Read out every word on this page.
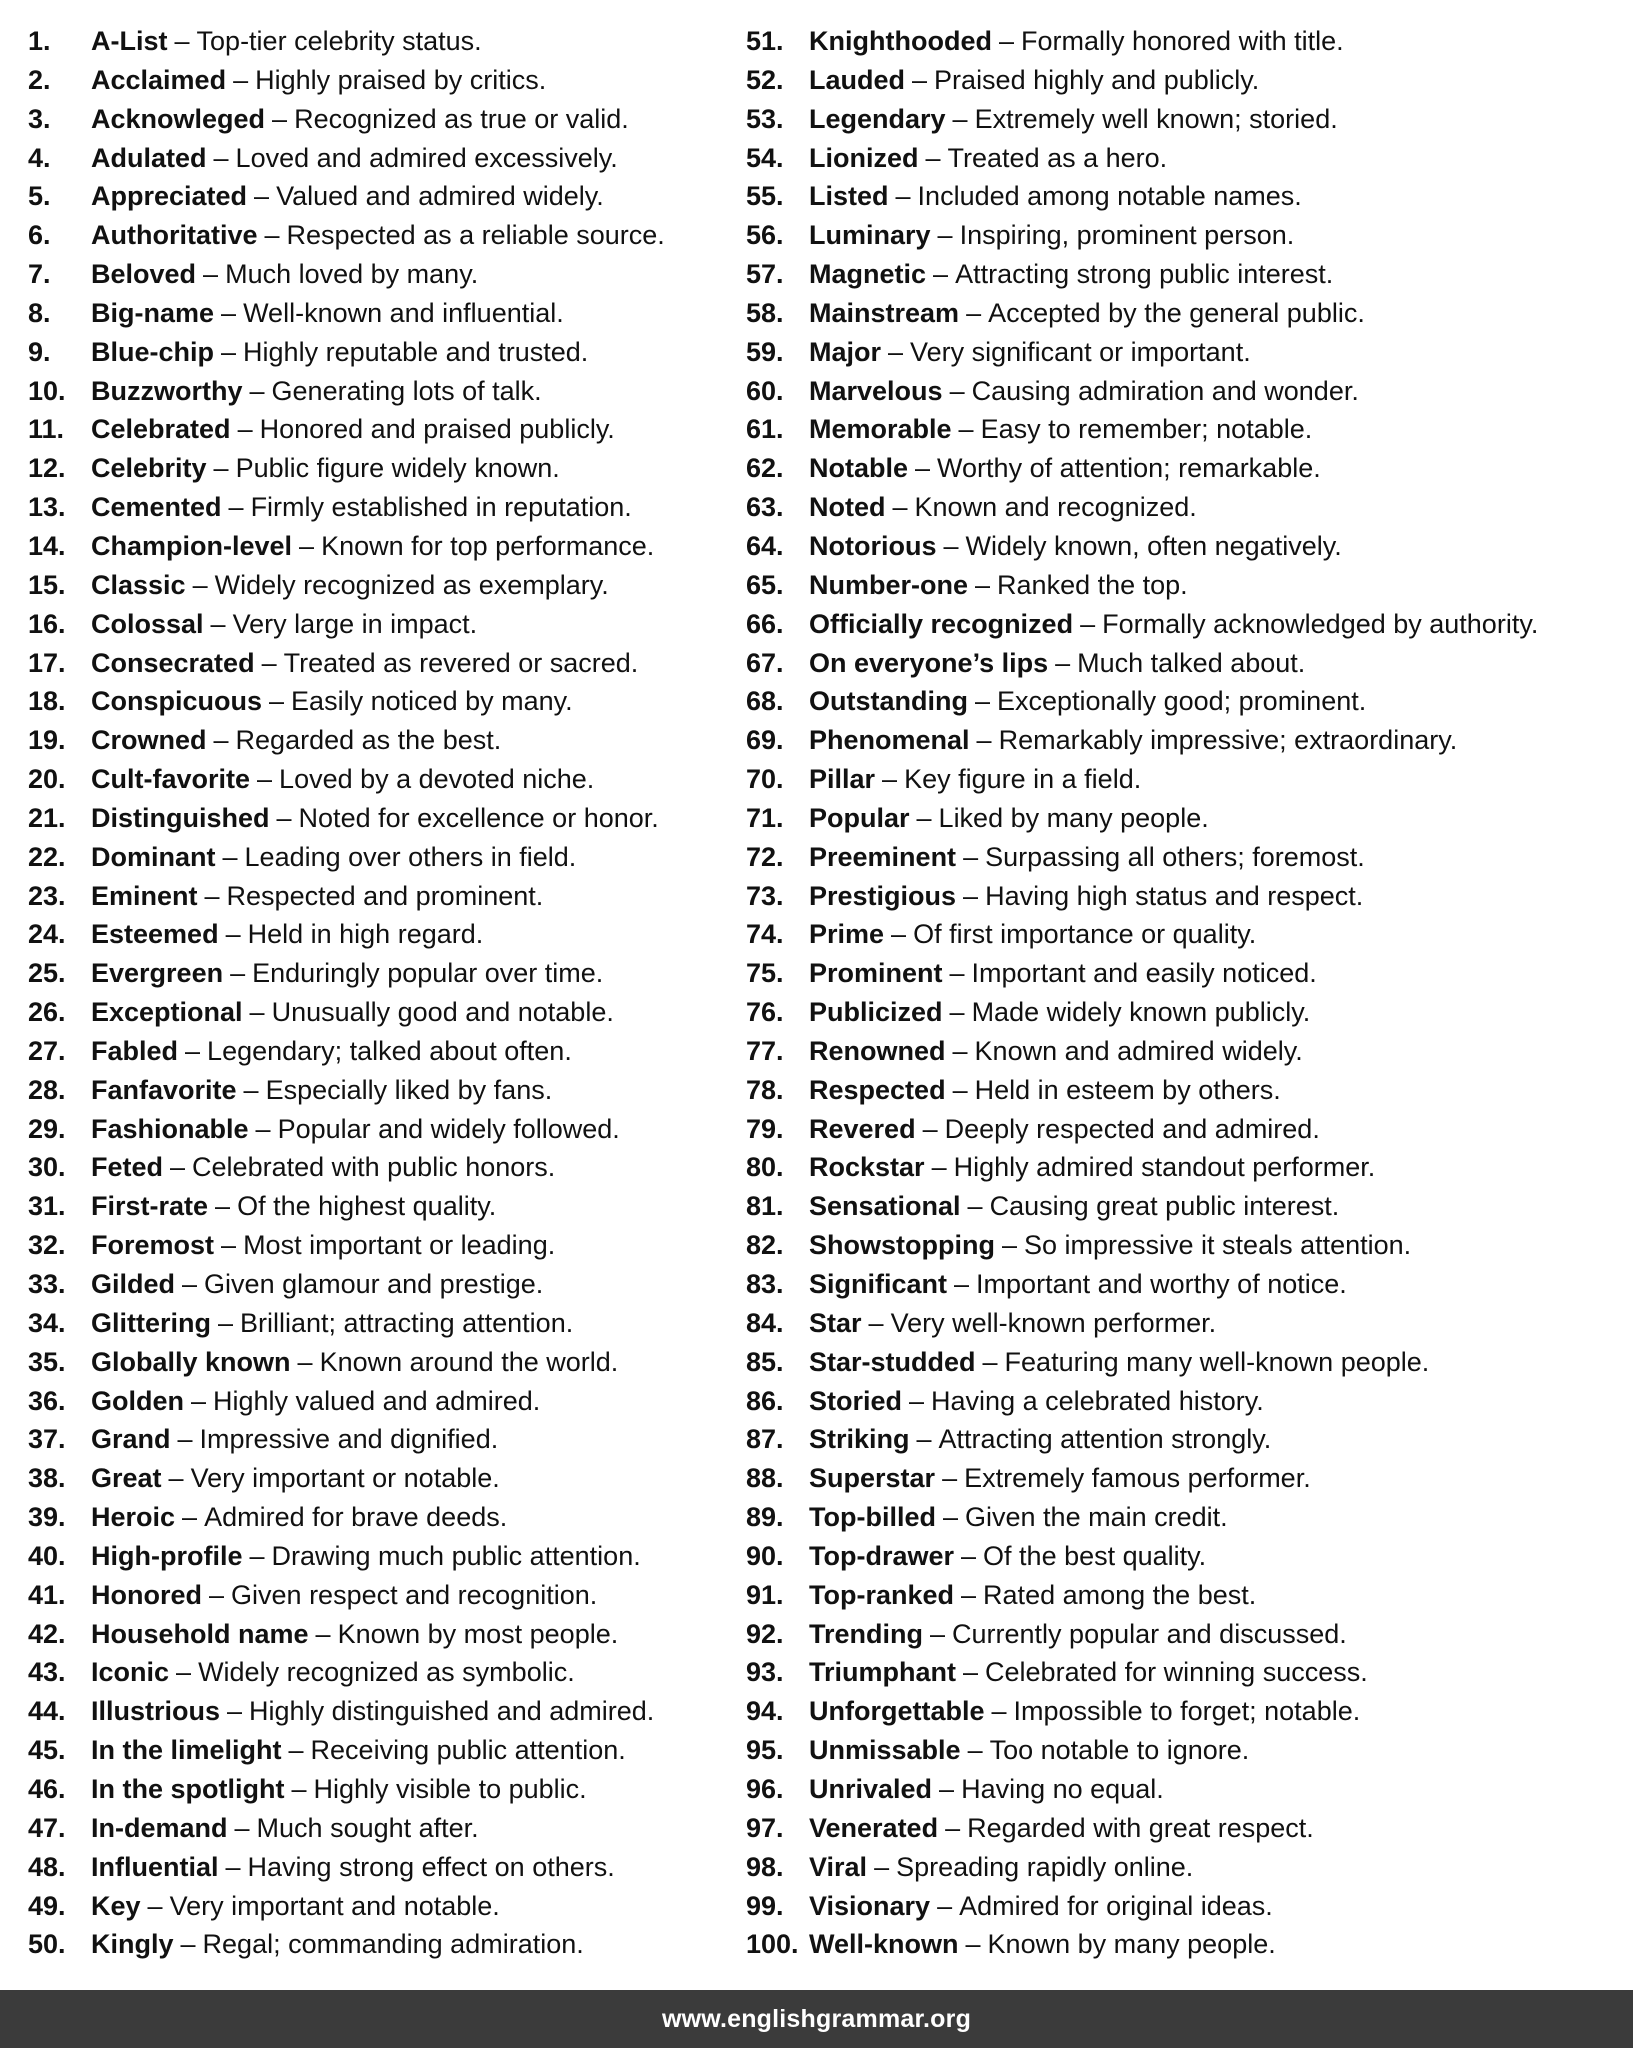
1.	A-List – Top-tier celebrity status.
2.	Acclaimed – Highly praised by critics.
3.	Acknowleged – Recognized as true or valid.
4.	Adulated – Loved and admired excessively.
5.	Appreciated – Valued and admired widely.
6.	Authoritative – Respected as a reliable source.
7.	Beloved – Much loved by many.
8.	Big-name – Well-known and influential.
9.	Blue-chip – Highly reputable and trusted.
10. Buzzworthy – Generating lots of talk.
11. Celebrated – Honored and praised publicly.
12. Celebrity – Public figure widely known.
13. Cemented – Firmly established in reputation.
14. Champion-level – Known for top performance.
15. Classic – Widely recognized as exemplary.
16. Colossal – Very large in impact.
17. Consecrated – Treated as revered or sacred.
18. Conspicuous – Easily noticed by many.
19. Crowned – Regarded as the best.
20. Cult-favorite – Loved by a devoted niche.
21. Distinguished – Noted for excellence or honor.
22. Dominant – Leading over others in field.
23. Eminent – Respected and prominent.
24. Esteemed – Held in high regard.
25. Evergreen – Enduringly popular over time.
26. Exceptional – Unusually good and notable.
27. Fabled – Legendary; talked about often.
28. Fanfavorite – Especially liked by fans.
29. Fashionable – Popular and widely followed.
30. Feted – Celebrated with public honors.
31. First-rate – Of the highest quality.
32. Foremost – Most important or leading.
33. Gilded – Given glamour and prestige.
34. Glittering – Brilliant; attracting attention.
35. Globally known – Known around the world.
36. Golden – Highly valued and admired.
37. Grand – Impressive and dignified.
38. Great – Very important or notable.
39. Heroic – Admired for brave deeds.
40. High-profile – Drawing much public attention.
41. Honored – Given respect and recognition.
42. Household name – Known by most people.
43. Iconic – Widely recognized as symbolic.
44. Illustrious – Highly distinguished and admired.
45. In the limelight – Receiving public attention.
46. In the spotlight – Highly visible to public.
47. In-demand – Much sought after.
48. Influential – Having strong effect on others.
49. Key – Very important and notable.
50. Kingly – Regal; commanding admiration.
51. Knighthooded – Formally honored with title.
52. Lauded – Praised highly and publicly.
53. Legendary – Extremely well known; storied.
54. Lionized – Treated as a hero.
55. Listed – Included among notable names.
56. Luminary – Inspiring, prominent person.
57. Magnetic – Attracting strong public interest.
58. Mainstream – Accepted by the general public.
59. Major – Very significant or important.
60. Marvelous – Causing admiration and wonder.
61. Memorable – Easy to remember; notable.
62. Notable – Worthy of attention; remarkable.
63. Noted – Known and recognized.
64. Notorious – Widely known, often negatively.
65. Number-one – Ranked the top.
66. Officially recognized – Formally acknowledged by authority.
67. On everyone’s lips – Much talked about.
68. Outstanding – Exceptionally good; prominent.
69. Phenomenal – Remarkably impressive; extraordinary.
70. Pillar – Key figure in a field.
71. Popular – Liked by many people.
72. Preeminent – Surpassing all others; foremost.
73. Prestigious – Having high status and respect.
74. Prime – Of first importance or quality.
75. Prominent – Important and easily noticed.
76. Publicized – Made widely known publicly.
77. Renowned – Known and admired widely.
78. Respected – Held in esteem by others.
79. Revered – Deeply respected and admired.
80. Rockstar – Highly admired standout performer.
81. Sensational – Causing great public interest.
82. Showstopping – So impressive it steals attention.
83. Significant – Important and worthy of notice.
84. Star – Very well-known performer.
85. Star-studded – Featuring many well-known people.
86. Storied – Having a celebrated history.
87. Striking – Attracting attention strongly.
88. Superstar – Extremely famous performer.
89. Top-billed – Given the main credit.
90. Top-drawer – Of the best quality.
91. Top-ranked – Rated among the best.
92. Trending – Currently popular and discussed.
93. Triumphant – Celebrated for winning success.
94. Unforgettable – Impossible to forget; notable.
95. Unmissable – Too notable to ignore.
96. Unrivaled – Having no equal.
97. Venerated – Regarded with great respect.
98. Viral – Spreading rapidly online.
99. Visionary – Admired for original ideas.
100. Well-known – Known by many people.
www.englishgrammar.org
